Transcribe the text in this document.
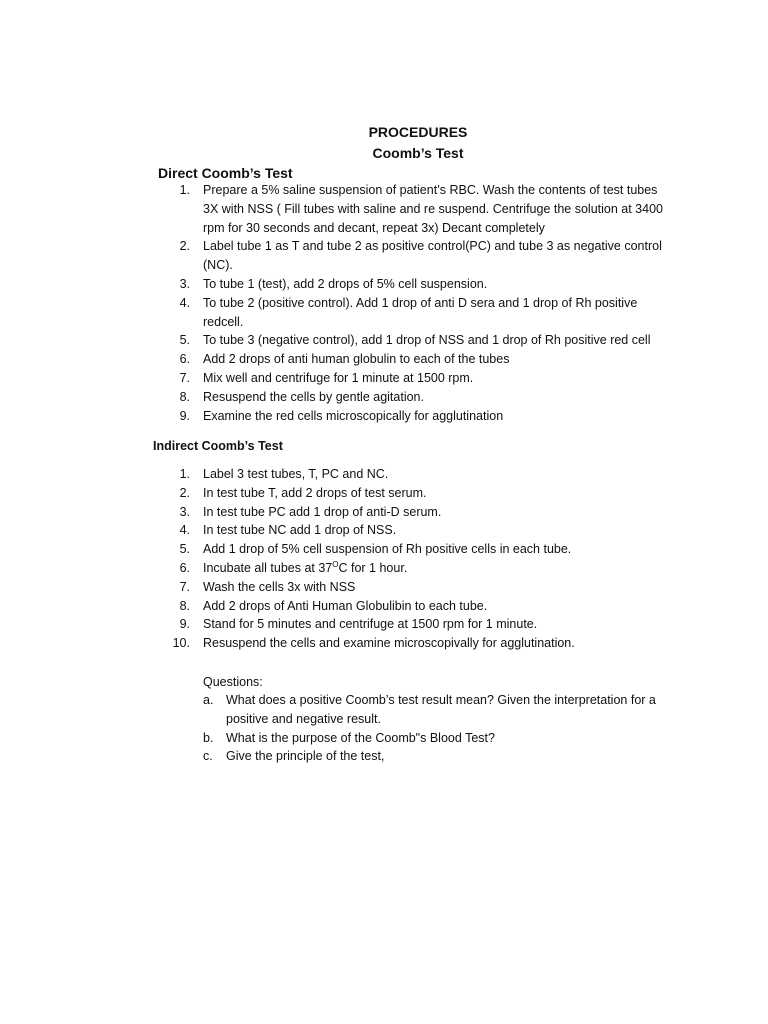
PROCEDURES
Coomb’s Test
Direct Coomb’s Test
1. Prepare a 5% saline suspension of patient’s RBC. Wash the contents of test tubes 3X with NSS ( Fill tubes with saline and re suspend. Centrifuge the solution at 3400 rpm for 30 seconds and decant, repeat 3x) Decant completely
2. Label tube 1 as T and tube 2 as positive control(PC) and tube 3 as negative control (NC).
3. To tube 1 (test), add 2 drops of 5% cell suspension.
4. To tube 2 (positive control). Add 1 drop of anti D sera and 1 drop of Rh positive redcell.
5. To tube 3 (negative control), add 1 drop of NSS and 1 drop of Rh positive red cell
6. Add 2 drops of anti human globulin to each of the tubes
7. Mix well and centrifuge for 1 minute at 1500 rpm.
8. Resuspend the cells by gentle agitation.
9. Examine the red cells microscopically for agglutination
Indirect Coomb’s Test
1. Label 3 test tubes, T, PC and NC.
2. In test tube T, add 2 drops of test serum.
3. In test tube PC add 1 drop of anti-D serum.
4. In test tube NC add 1 drop of NSS.
5. Add 1 drop of 5% cell suspension of Rh positive cells in each tube.
6. Incubate all tubes at $37^OC$ for 1 hour.
7. Wash the cells 3x with NSS
8. Add 2 drops of Anti Human Globulibin to each tube.
9. Stand for 5 minutes and centrifuge at 1500 rpm for 1 minute.
10. Resuspend the cells and examine microscopivally for agglutination.
Questions:
a. What does a positive Coomb’s test result mean? Given the interpretation for a positive and negative result.
b. What is the purpose of the Coomb"s Blood Test?
c. Give the principle of the test,
